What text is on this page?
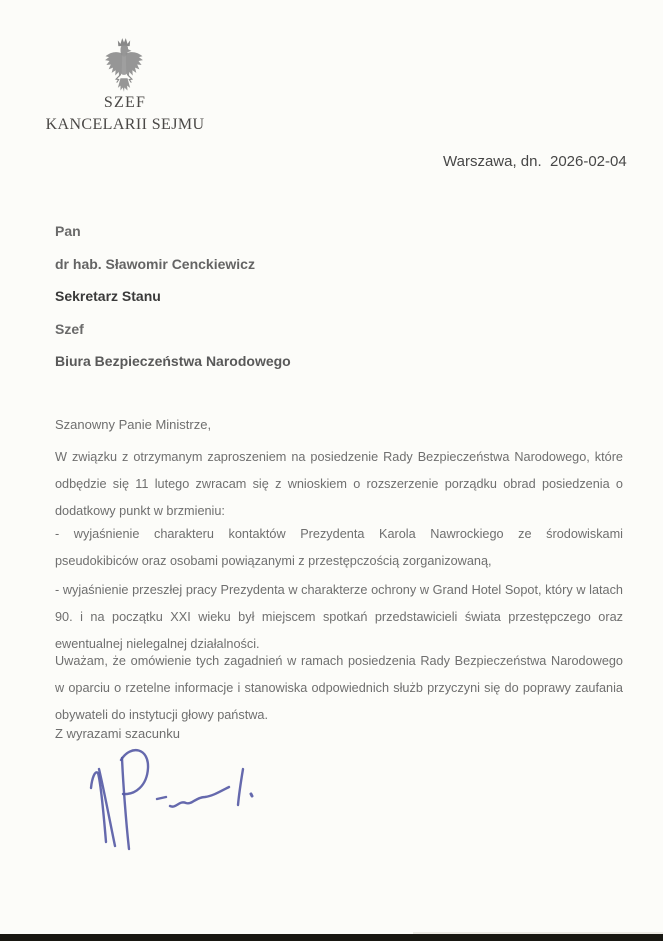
SZEF
KANCELARII SEJMU
Warszawa, dn.  2026-02-04
Pan
dr hab. Sławomir Cenckiewicz
Sekretarz Stanu
Szef
Biura Bezpieczeństwa Narodowego
Szanowny Panie Ministrze,
W związku z otrzymanym zaproszeniem na posiedzenie Rady Bezpieczeństwa Narodowego, które
odbędzie się 11 lutego zwracam się z wnioskiem o rozszerzenie porządku obrad posiedzenia o
dodatkowy punkt w brzmieniu:
- wyjaśnienie charakteru kontaktów Prezydenta Karola Nawrockiego ze środowiskami
pseudokibiców oraz osobami powiązanymi z przestępczością zorganizowaną,
- wyjaśnienie przeszłej pracy Prezydenta w charakterze ochrony w Grand Hotel Sopot, który w latach
90. i na początku XXI wieku był miejscem spotkań przedstawicieli świata przestępczego oraz
ewentualnej nielegalnej działalności.
Uważam, że omówienie tych zagadnień w ramach posiedzenia Rady Bezpieczeństwa Narodowego
w oparciu o rzetelne informacje i stanowiska odpowiednich służb przyczyni się do poprawy zaufania
obywateli do instytucji głowy państwa.
Z wyrazami szacunku
